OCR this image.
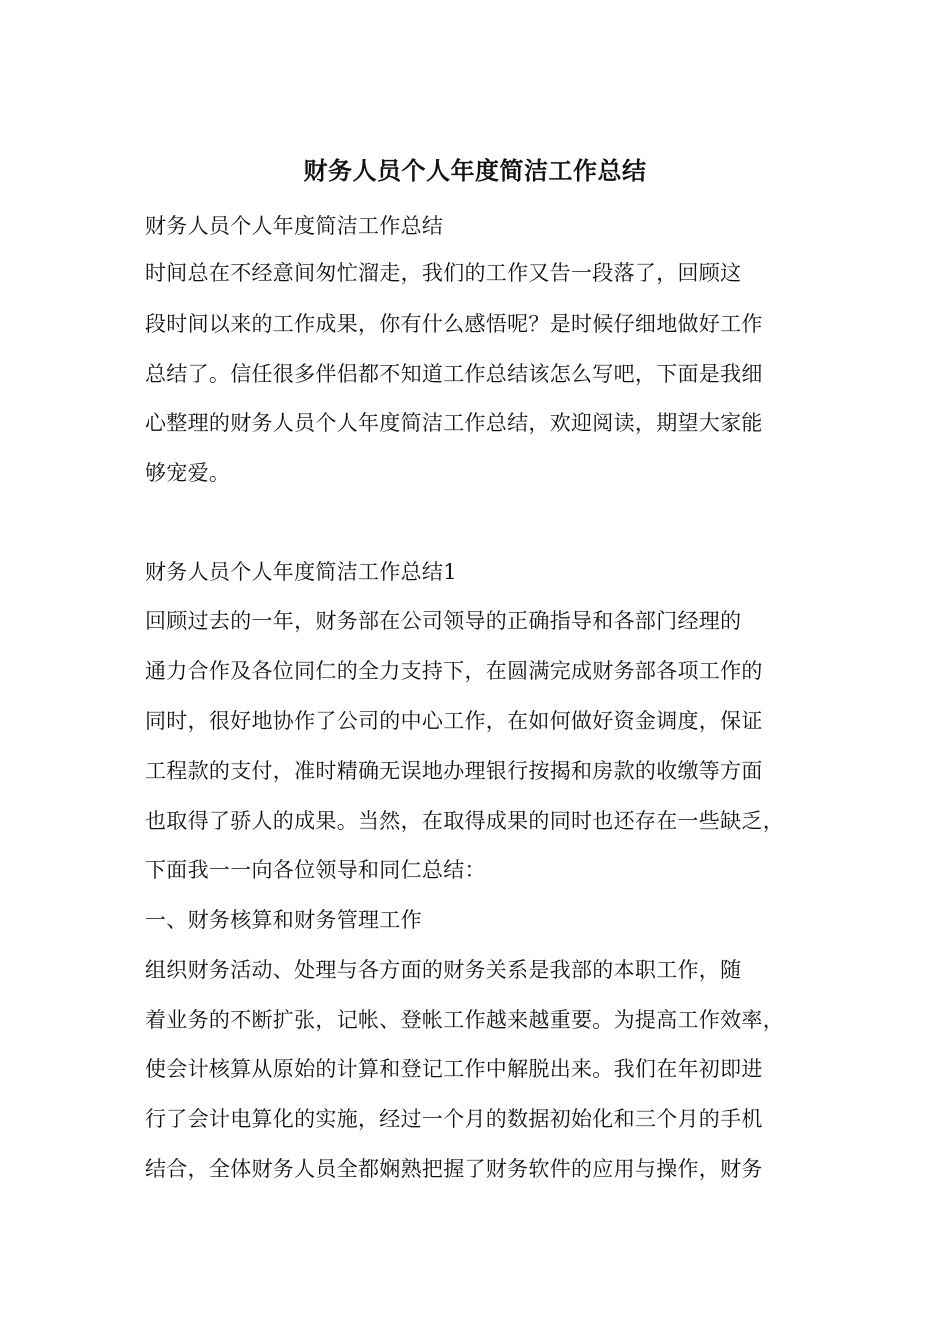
财务人员个人年度简洁工作总结
财务人员个人年度简洁工作总结
时间总在不经意间匆忙溜走，我们的工作又告一段落了，回顾这
段时间以来的工作成果，你有什么感悟呢？是时候仔细地做好工作
总结了。信任很多伴侣都不知道工作总结该怎么写吧，下面是我细
心整理的财务人员个人年度简洁工作总结，欢迎阅读，期望大家能
够宠爱。
财务人员个人年度简洁工作总结1
回顾过去的一年，财务部在公司领导的正确指导和各部门经理的
通力合作及各位同仁的全力支持下，在圆满完成财务部各项工作的
同时，很好地协作了公司的中心工作，在如何做好资金调度，保证
工程款的支付，准时精确无误地办理银行按揭和房款的收缴等方面
也取得了骄人的成果。当然，在取得成果的同时也还存在一些缺乏，
下面我一一向各位领导和同仁总结：
一、财务核算和财务管理工作
组织财务活动、处理与各方面的财务关系是我部的本职工作，随
着业务的不断扩张，记帐、登帐工作越来越重要。为提高工作效率，
使会计核算从原始的计算和登记工作中解脱出来。我们在年初即进
行了会计电算化的实施，经过一个月的数据初始化和三个月的手机
结合，全体财务人员全都娴熟把握了财务软件的应用与操作，财务
